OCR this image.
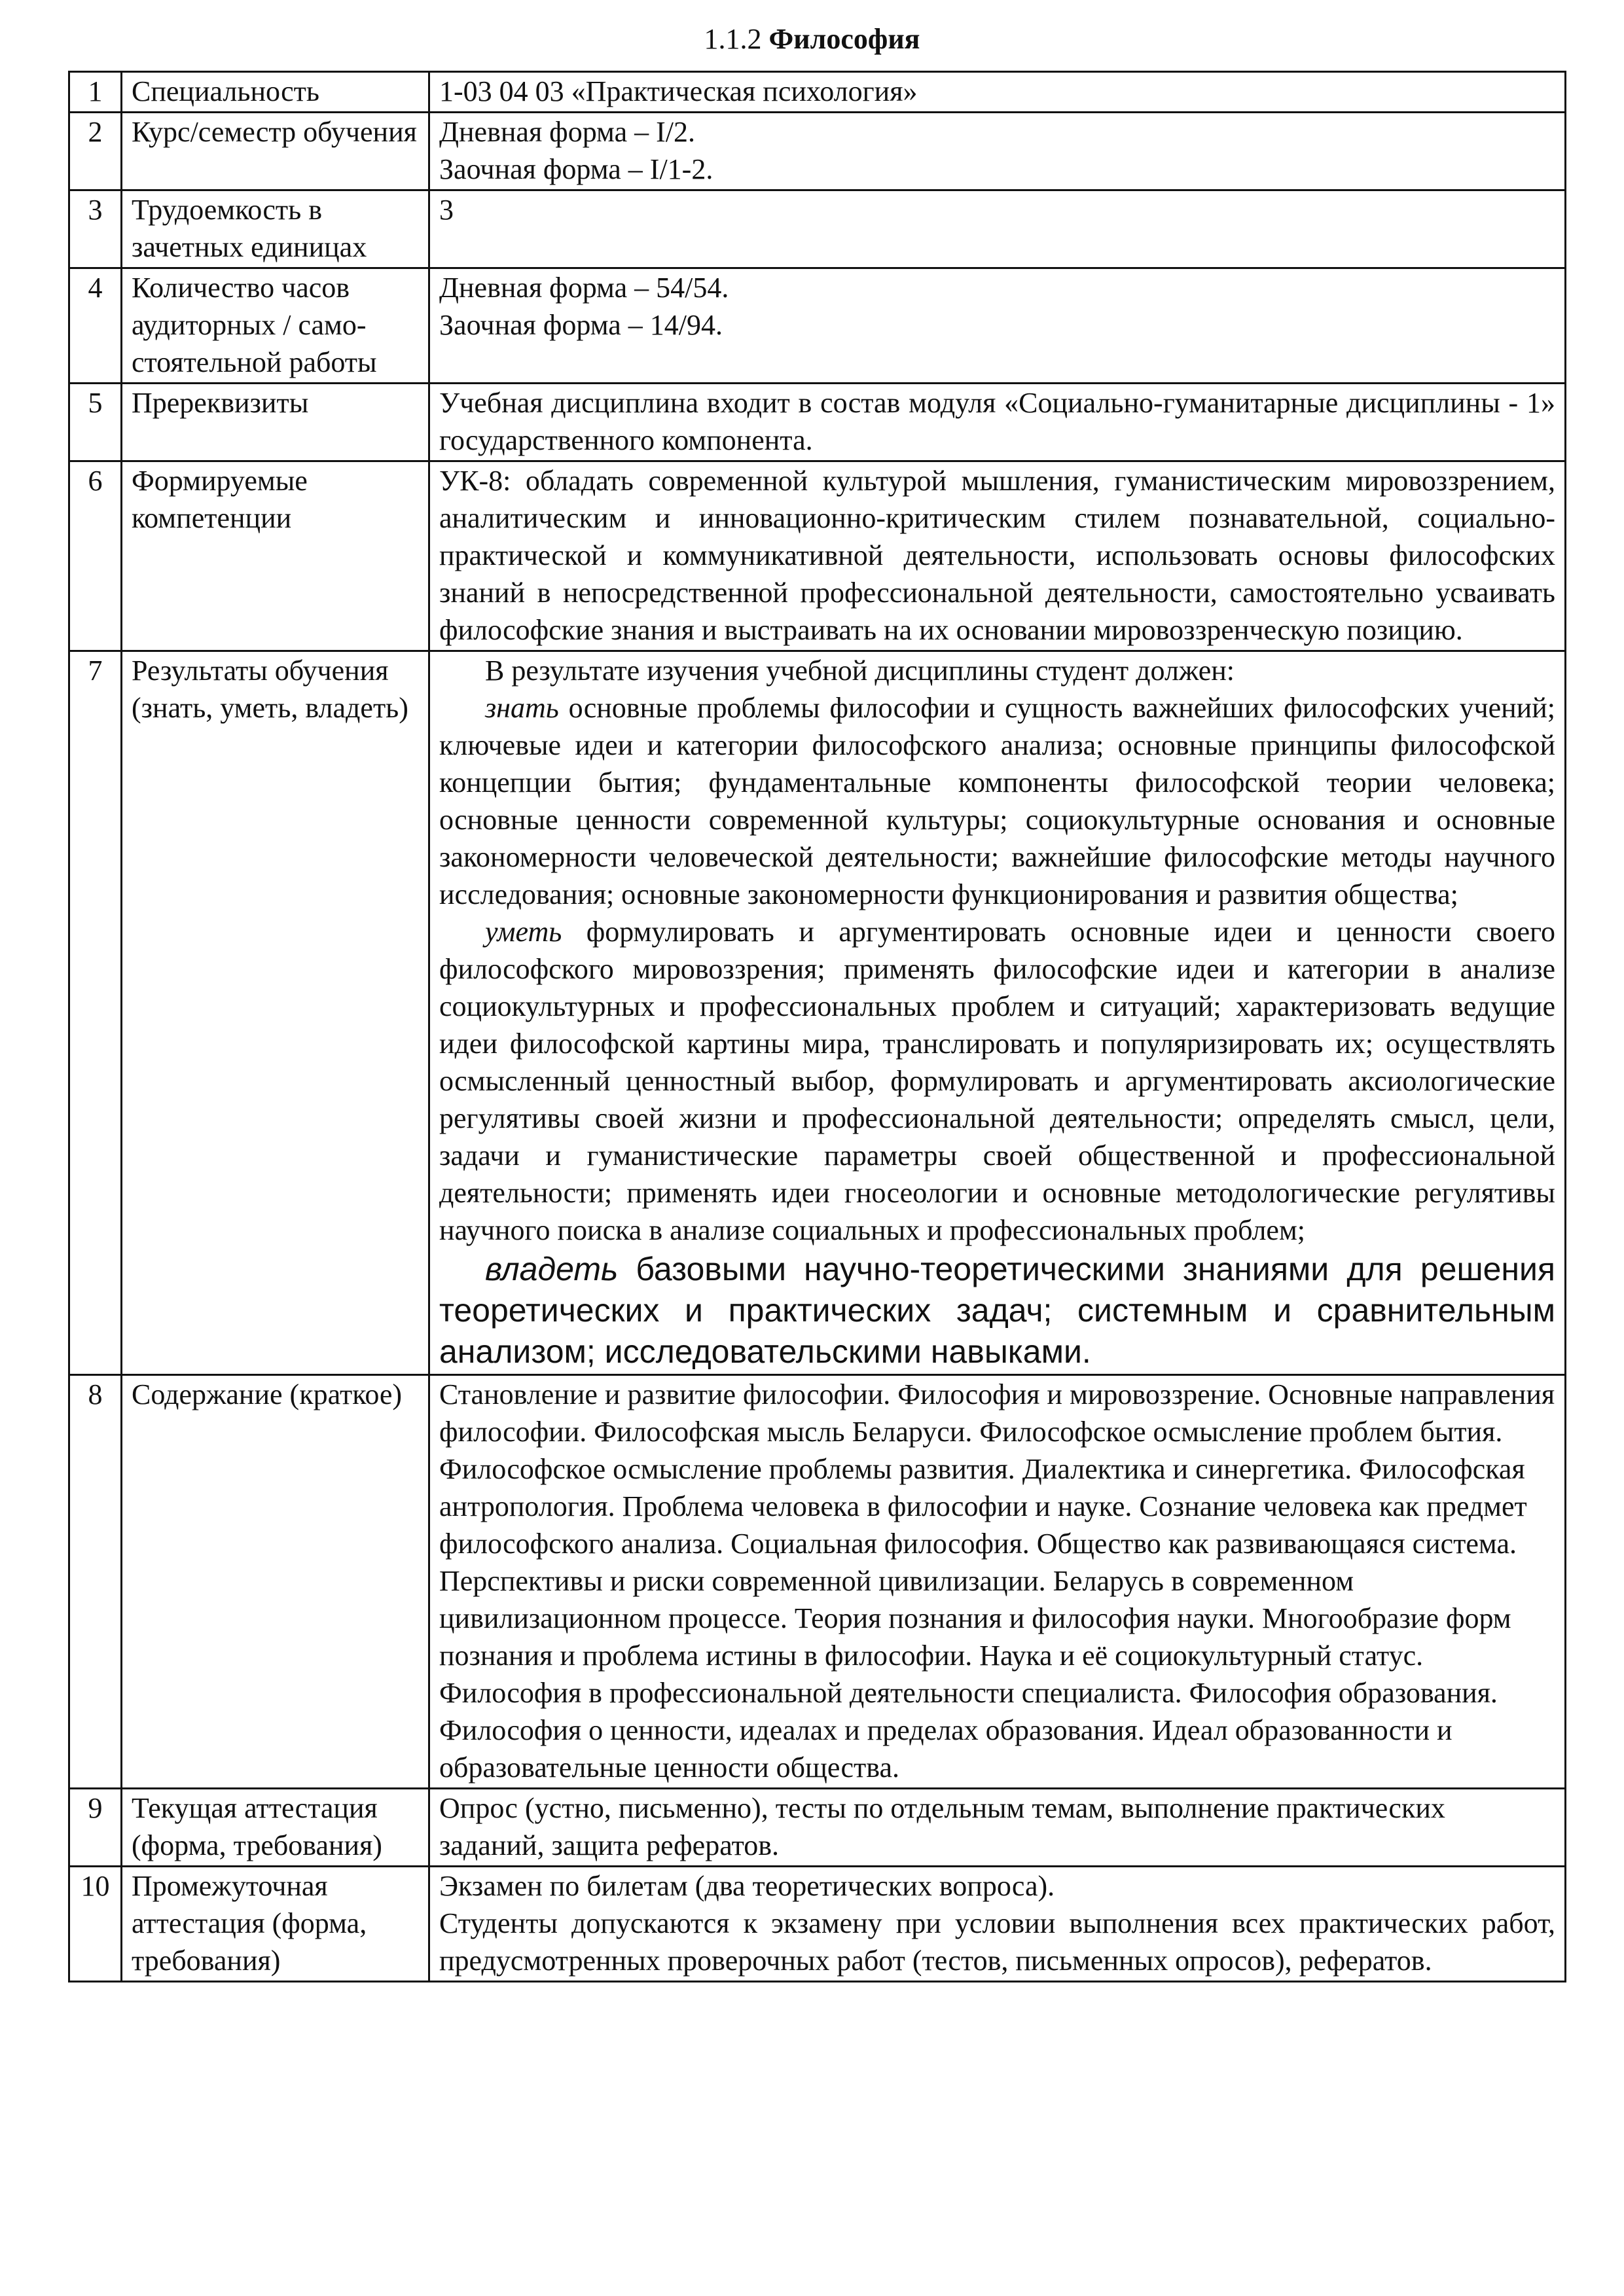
1.1.2 Философия
1	Специальность	1-03 04 03 «Практическая психология»

2	Курс/семестр обучения	Дневная форма – I/2.

Заочная форма – I/1-2.

3	Трудоемкость в зачетных единицах	3

4	Количество часов аудиторных / само-стоятельной работы	Дневная форма – 54/54.

Заочная форма – 14/94.

5	Пререквизиты	Учебная дисциплина входит в состав модуля «Социально-гуманитарные дисциплины - 1» государственного компонента.
6	Формируемые компетенции	УК-8: обладать современной культурой мышления, гуманистическим мировоззрением, аналитическим и инновационно-критическим стилем познавательной, социально-практической и коммуникативной деятельности, использовать основы философских знаний в непосредственной профессиональной деятельности, самостоятельно усваивать философские знания и выстраивать на их основании мировоззренческую позицию.
7	Результаты обучения (знать, уметь, владеть)	В результате изучения учебной дисциплины студент должен:

знать основные проблемы философии и сущность важнейших философских учений; ключевые идеи и категории философского анализа; основные принципы философской концепции бытия; фундаментальные компоненты философской теории человека; основные ценности современной культуры; социокультурные основания и основные закономерности человеческой деятельности; важнейшие философские методы научного исследования; основные закономерности функционирования и развития общества;

уметь формулировать и аргументировать основные идеи и ценности своего философского мировоззрения; применять философские идеи и категории в анализе социокультурных и профессиональных проблем и ситуаций; характеризовать ведущие идеи философской картины мира, транслировать и популяризировать их; осуществлять осмысленный ценностный выбор, формулировать и аргументировать аксиологические регулятивы своей жизни и профессиональной деятельности; определять смысл, цели, задачи и гуманистические параметры своей общественной и профессиональной деятельности; применять идеи гносеологии и основные методологические регулятивы научного поиска в анализе социальных и профессиональных проблем;

владеть базовыми научно-теоретическими знаниями для решения теоретических и практических задач; системным и сравнительным анализом; исследовательскими навыками.

8	Содержание (краткое)	Становление и развитие философии. Философия и мировоззрение. Основные направления философии. Философская мысль Беларуси. Философское осмысление проблем бытия. Философское осмысление проблемы развития. Диалектика и синергетика. Философская антропология. Проблема человека в философии и науке. Сознание человека как предмет философского анализа. Социальная философия. Общество как развивающаяся система. Перспективы и риски современной цивилизации. Беларусь в современном цивилизационном процессе. Теория познания и философия науки. Многообразие форм познания и проблема истины в философии. Наука и её социокультурный статус. Философия в профессиональной деятельности специалиста. Философия образования. Философия о ценности, идеалах и пределах образования. Идеал образованности и образовательные ценности общества.
9	Текущая аттестация (форма, требования)	Опрос (устно, письменно), тесты по отдельным темам, выполнение практических заданий, защита рефератов.
10	Промежуточная аттестация (форма, требования)	Экзамен по билетам (два теоретических вопроса).

Студенты допускаются к экзамену при условии выполнения всех практических работ, предусмотренных проверочных работ (тестов, письменных опросов), рефератов.
